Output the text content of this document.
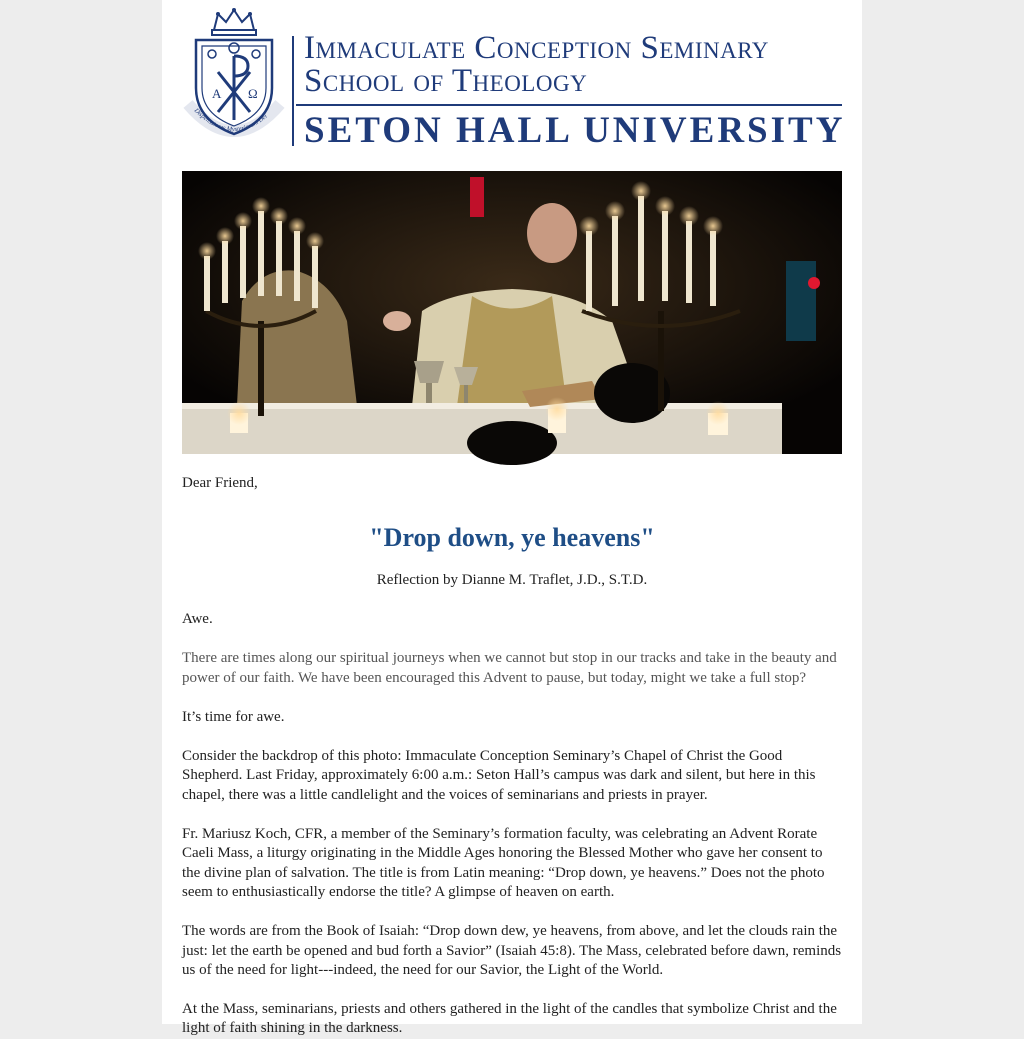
A Ω
Dispensatores Mysteriorum Dei
Immaculate Conception Seminary
School of Theology
SETON HALL UNIVERSITY

Dear Friend,

"Drop down, ye heavens"

Reflection by Dianne M. Traflet, J.D., S.T.D.

Awe.

There are times along our spiritual journeys when we cannot but stop in our tracks and take in the beauty and power of our faith. We have been encouraged this Advent to pause, but today, might we take a full stop?

It’s time for awe.

Consider the backdrop of this photo: Immaculate Conception Seminary’s Chapel of Christ the Good Shepherd. Last Friday, approximately 6:00 a.m.: Seton Hall’s campus was dark and silent, but here in this chapel, there was a little candlelight and the voices of seminarians and priests in prayer.

Fr. Mariusz Koch, CFR, a member of the Seminary’s formation faculty, was celebrating an Advent Rorate Caeli Mass, a liturgy originating in the Middle Ages honoring the Blessed Mother who gave her consent to the divine plan of salvation. The title is from Latin meaning: “Drop down, ye heavens.” Does not the photo seem to enthusiastically endorse the title? A glimpse of heaven on earth.

The words are from the Book of Isaiah: “Drop down dew, ye heavens, from above, and let the clouds rain the just: let the earth be opened and bud forth a Savior” (Isaiah 45:8). The Mass, celebrated before dawn, reminds us of the need for light---indeed, the need for our Savior, the Light of the World.

At the Mass, seminarians, priests and others gathered in the light of the candles that symbolize Christ and the light of faith shining in the darkness.
